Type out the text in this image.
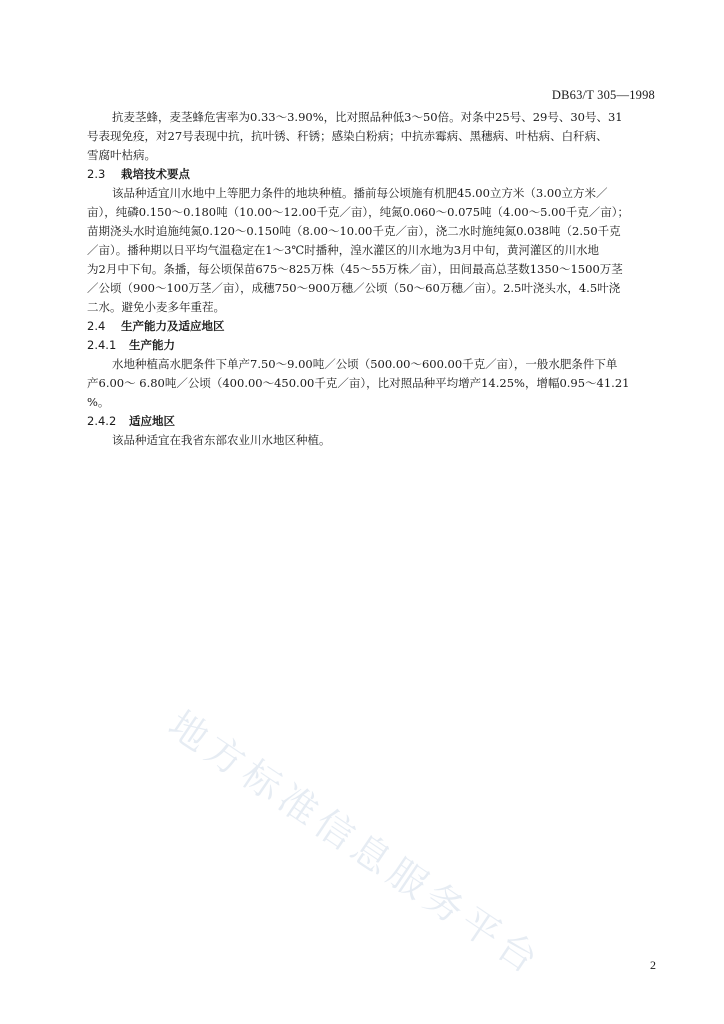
DB63/T 305—1998
抗麦茎蜂，麦茎蜂危害率为0.33～3.90%，比对照品种低3～50倍。对条中25号、29号、30号、31
号表现免疫，对27号表现中抗，抗叶锈、秆锈；感染白粉病；中抗赤霉病、黑穗病、叶枯病、白秆病、
雪腐叶枯病。
2.3 栽培技术要点
该品种适宜川水地中上等肥力条件的地块种植。播前每公顷施有机肥45.00立方米（3.00立方米／
亩），纯磷0.150～0.180吨（10.00～12.00千克／亩），纯氮0.060～0.075吨（4.00～5.00千克／亩）；
苗期浇头水时追施纯氮0.120～0.150吨（8.00～10.00千克／亩），浇二水时施纯氮0.038吨（2.50千克
／亩）。播种期以日平均气温稳定在1～3℃时播种，湟水灌区的川水地为3月中旬，黄河灌区的川水地
为2月中下旬。条播，每公顷保苗675～825万株（45～55万株／亩），田间最高总茎数1350～1500万茎
／公顷（900～100万茎／亩），成穗750～900万穗／公顷（50～60万穗／亩）。2.5叶浇头水，4.5叶浇
二水。避免小麦多年重茬。
2.4 生产能力及适应地区
2.4.1 生产能力
水地种植高水肥条件下单产7.50～9.00吨／公顷（500.00～600.00千克／亩），一般水肥条件下单
产6.00～ 6.80吨／公顷（400.00～450.00千克／亩），比对照品种平均增产14.25%，增幅0.95～41.21
%。
2.4.2 适应地区
该品种适宜在我省东部农业川水地区种植。
地方标准信息服务平台	2
